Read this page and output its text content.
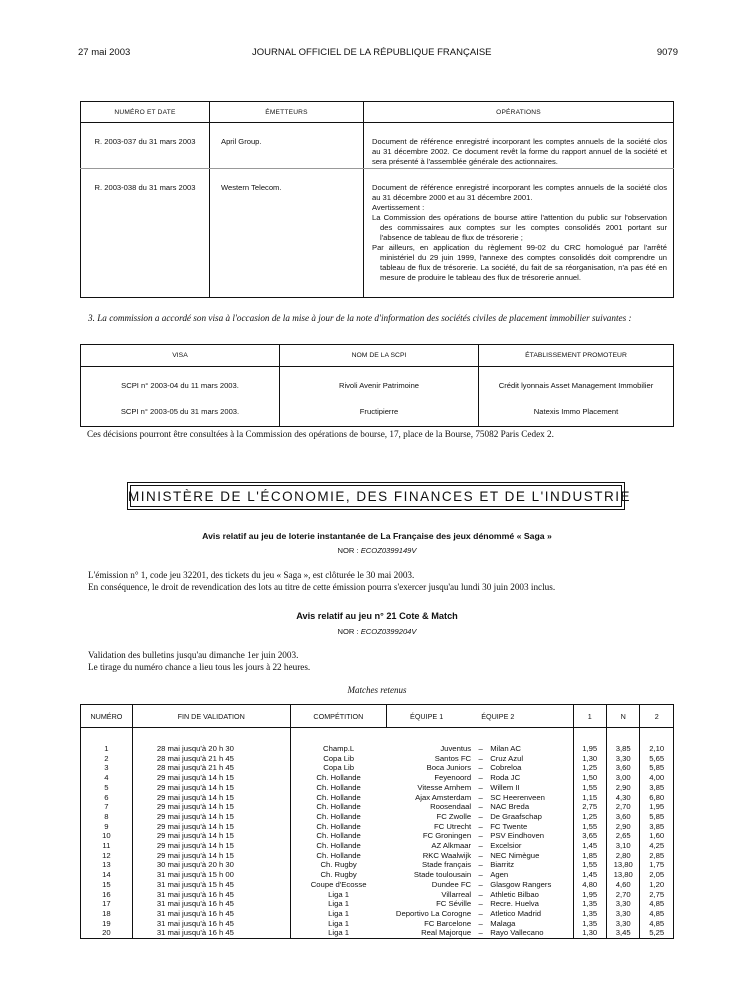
27 mai 2003	JOURNAL OFFICIEL DE LA RÉPUBLIQUE FRANÇAISE	9079
NUMÉRO ET DATE	ÉMETTEURS	OPÉRATIONS
R. 2003-037 du 31 mars 2003	April Group.	Document de référence enregistré incorporant les comptes annuels de la société clos au 31 décembre 2002. Ce document revêt la forme du rapport annuel de la société et sera présenté à l'assemblée générale des actionnaires.

R. 2003-038 du 31 mars 2003	Western Telecom.	Document de référence enregistré incorporant les comptes annuels de la société clos au 31 décembre 2000 et au 31 décembre 2001.

Avertissement :

La Commission des opérations de bourse attire l'attention du public sur l'observation des commissaires aux comptes sur les comptes consolidés 2001 portant sur l'absence de tableau de flux de trésorerie ;

Par ailleurs, en application du règlement 99-02 du CRC homologué par l'arrêté ministériel du 29 juin 1999, l'annexe des comptes consolidés doit comprendre un tableau de flux de trésorerie. La société, du fait de sa réorganisation, n'a pas été en mesure de produire le tableau des flux de trésorerie annuel.

3. La commission a accordé son visa à l'occasion de la mise à jour de la note d'information des sociétés civiles de placement immobilier suivantes :
VISA	NOM DE LA SCPI	ÉTABLISSEMENT PROMOTEUR
SCPI n° 2003-04 du 11 mars 2003.	Rivoli Avenir Patrimoine	Crédit lyonnais Asset Management Immobilier
SCPI n° 2003-05 du 31 mars 2003.	Fructipierre	Natexis Immo Placement
Ces décisions pourront être consultées à la Commission des opérations de bourse, 17, place de la Bourse, 75082 Paris Cedex 2.
MINISTÈRE DE L'ÉCONOMIE, DES FINANCES ET DE L'INDUSTRIE
Avis relatif au jeu de loterie instantanée de La Française des jeux dénommé « Saga »
NOR : ECOZ0399149V
L'émission n° 1, code jeu 32201, des tickets du jeu « Saga », est clôturée le 30 mai 2003.
En conséquence, le droit de revendication des lots au titre de cette émission pourra s'exercer jusqu'au lundi 30 juin 2003 inclus.
Avis relatif au jeu n° 21 Cote & Match
NOR : ECOZ0399204V
Validation des bulletins jusqu'au dimanche 1er juin 2003.
Le tirage du numéro chance a lieu tous les jours à 22 heures.
Matches retenus
NUMÉRO	FIN DE VALIDATION	COMPÉTITION	ÉQUIPE 1 ÉQUIPE 2			1	N	2
1	28 mai jusqu'à 20 h 30	Champ.L	Juventus	–	Milan AC	1,95	3,85	2,10
2	28 mai jusqu'à 21 h 45	Copa Lib	Santos FC	–	Cruz Azul	1,30	3,30	5,65
3	28 mai jusqu'à 21 h 45	Copa Lib	Boca Juniors	–	Cobreloa	1,25	3,60	5,85
4	29 mai jusqu'à 14 h 15	Ch. Hollande	Feyenoord	–	Roda JC	1,50	3,00	4,00
5	29 mai jusqu'à 14 h 15	Ch. Hollande	Vitesse Arnhem	–	Willem II	1,55	2,90	3,85
6	29 mai jusqu'à 14 h 15	Ch. Hollande	Ajax Amsterdam	–	SC Heerenveen	1,15	4,30	6,80
7	29 mai jusqu'à 14 h 15	Ch. Hollande	Roosendaal	–	NAC Breda	2,75	2,70	1,95
8	29 mai jusqu'à 14 h 15	Ch. Hollande	FC Zwolle	–	De Graafschap	1,25	3,60	5,85
9	29 mai jusqu'à 14 h 15	Ch. Hollande	FC Utrecht	–	FC Twente	1,55	2,90	3,85
10	29 mai jusqu'à 14 h 15	Ch. Hollande	FC Groningen	–	PSV Eindhoven	3,65	2,65	1,60
11	29 mai jusqu'à 14 h 15	Ch. Hollande	AZ Alkmaar	–	Excelsior	1,45	3,10	4,25
12	29 mai jusqu'à 14 h 15	Ch. Hollande	RKC Waalwijk	–	NEC Nimègue	1,85	2,80	2,85
13	30 mai jusqu'à 20 h 30	Ch. Rugby	Stade français	–	Biarritz	1,55	13,80	1,75
14	31 mai jusqu'à 15 h 00	Ch. Rugby	Stade toulousain	–	Agen	1,45	13,80	2,05
15	31 mai jusqu'à 15 h 45	Coupe d'Ecosse	Dundee FC	–	Glasgow Rangers	4,80	4,60	1,20
16	31 mai jusqu'à 16 h 45	Liga 1	Villarreal	–	Athletic Bilbao	1,95	2,70	2,75
17	31 mai jusqu'à 16 h 45	Liga 1	FC Séville	–	Recre. Huelva	1,35	3,30	4,85
18	31 mai jusqu'à 16 h 45	Liga 1	Deportivo La Corogne	–	Atletico Madrid	1,35	3,30	4,85
19	31 mai jusqu'à 16 h 45	Liga 1	FC Barcelone	–	Malaga	1,35	3,30	4,85
20	31 mai jusqu'à 16 h 45	Liga 1	Real Majorque	–	Rayo Vallecano	1,30	3,45	5,25
